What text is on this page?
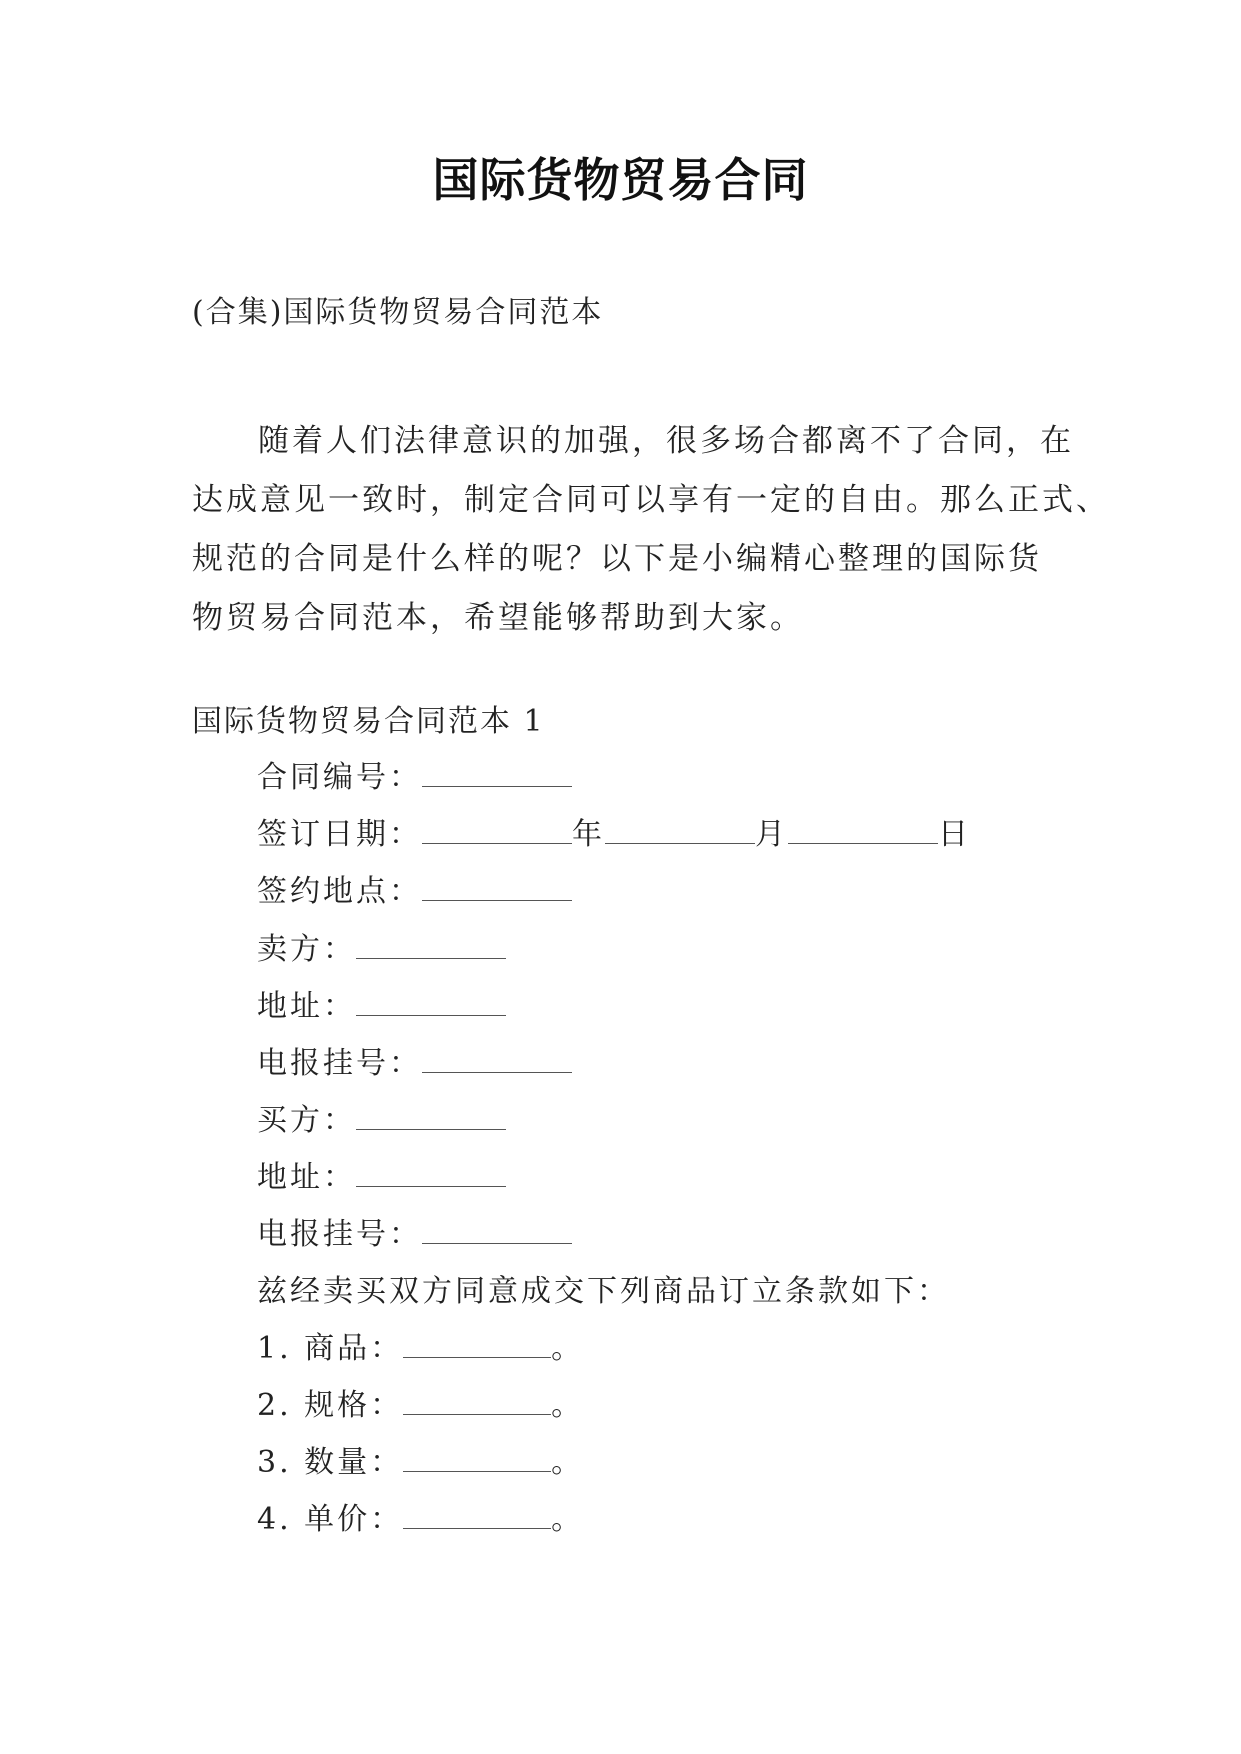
国际货物贸易合同
(合集)国际货物贸易合同范本
随着人们法律意识的加强，很多场合都离不了合同，在
达成意见一致时，制定合同可以享有一定的自由。那么正式、
规范的合同是什么样的呢？以下是小编精心整理的国际货
物贸易合同范本，希望能够帮助到大家。
国际货物贸易合同范本 1
合同编号：
签订日期：	年	月	日
签约地点：
卖方：
地址：
电报挂号：
买方：
地址：
电报挂号：
兹经卖买双方同意成交下列商品订立条款如下：
1. 商品：	。
2. 规格：	。
3. 数量：	。
4. 单价：	。
